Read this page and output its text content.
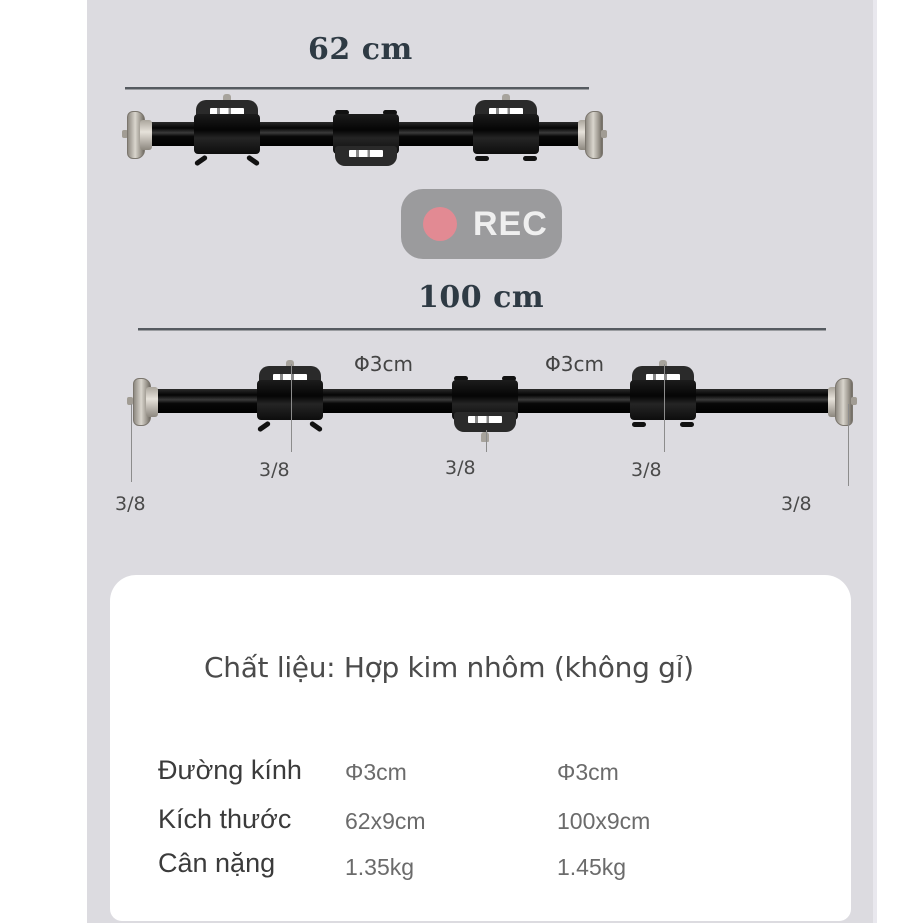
62 cm
REC
100 cm
Φ3cm	Φ3cm
3/8
3/8	3/8	3/8
3/8
Chất liệu: Hợp kim nhôm (không gỉ)
Đường kính Φ3cm	Φ3cm
Kích thước 62x9cm	100x9cm
Cân nặng	1.35kg	1.45kg
